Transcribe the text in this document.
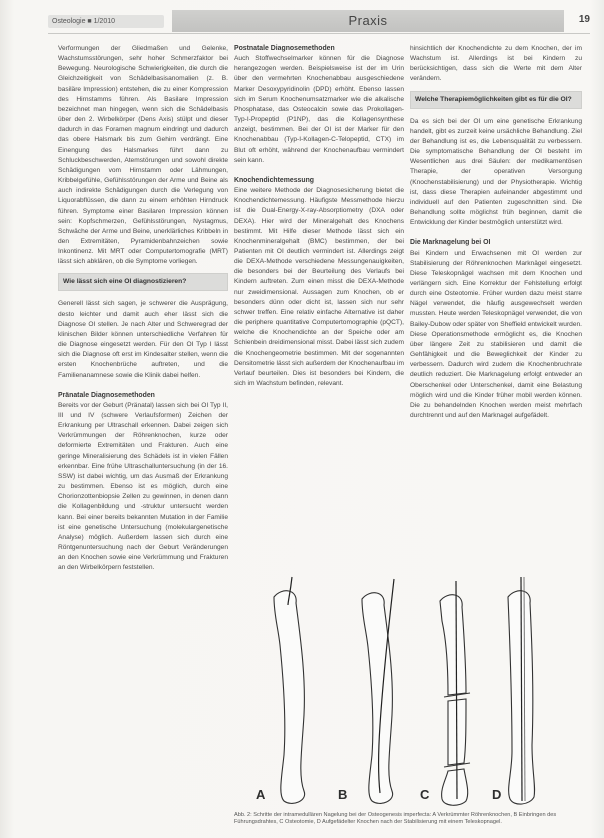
Osteologie ■ 1/2010	Praxis	19

Verformungen der Gliedmaßen und Gelenke, Wachstumsstörungen, sehr hoher Schmerzfaktor bei Bewegung. Neurologische Schwierigkeiten, die durch die Gleichzeitigkeit von Schädelbasisanomalien (z. B. basiläre Impression) entstehen, die zu einer Kompression des Hirnstamms führen. Als Basilare Impression bezeichnet man hingegen, wenn sich die Schädelbasis über den 2. Wirbelkörper (Dens Axis) stülpt und dieser dadurch in das Foramen magnum eindringt und dadurch das obere Halsmark bis zum Gehirn verdrängt. Eine Einengung des Halsmarkes führt dann zu Schluckbeschwerden, Atemstörungen und sowohl direkte Schädigungen vom Hirnstamm oder Lähmungen, Kribbelgefühle, Gefühlsstörungen der Arme und Beine als auch indirekte Schädigungen durch die Verlegung von Liquorabflüssen, die dann zu einem erhöhten Hirndruck führen. Symptome einer Basilaren Impression können sein: Kopfschmerzen, Gefühlsstörungen, Nystagmus, Schwäche der Arme und Beine, unerklärliches Kribbeln in den Extremitäten, Pyramidenbahnzeichen sowie Inkontinenz. Mit MRT oder Computertomografie (MRT) lässt sich abklären, ob die Symptome vorliegen.

Wie lässt sich eine OI diagnostizieren?

Generell lässt sich sagen, je schwerer die Ausprägung, desto leichter und damit auch eher lässt sich die Diagnose OI stellen. Je nach Alter und Schweregrad der klinischen Bilder können unterschiedliche Verfahren für die Diagnose eingesetzt werden. Für den OI Typ I lässt sich die Diagnose oft erst im Kindesalter stellen, wenn die ersten Knochenbrüche auftreten, und die Familienanamnese sowie die Klinik dabei helfen.

Pränatale Diagnosemethoden

Bereits vor der Geburt (Pränatal) lassen sich bei OI Typ II, III und IV (schwere Verlaufsformen) Zeichen der Erkrankung per Ultraschall erkennen. Dabei zeigen sich Verkrümmungen der Röhrenknochen, kurze oder deformierte Extremitäten und Frakturen. Auch eine geringe Mineralisierung des Schädels ist in vielen Fällen erkennbar. Eine frühe Ultraschalluntersuchung (in der 16. SSW) ist dabei wichtig, um das Ausmaß der Erkrankung zu bestimmen. Ebenso ist es möglich, durch eine Chorionzottenbiopsie Zellen zu gewinnen, in denen dann die Kollagenbildung und -struktur untersucht werden kann. Bei einer bereits bekannten Mutation in der Familie ist eine genetische Untersuchung (molekulargenetische Analyse) möglich. Außerdem lassen sich durch eine Röntgenuntersuchung nach der Geburt Veränderungen an den Knochen sowie eine Verkrümmung und Frakturen an den Wirbelkörpern feststellen.

Postnatale Diagnosemethoden

Auch Stoffwechselmarker können für die Diagnose herangezogen werden. Beispielsweise ist der im Urin über den vermehrten Knochenabbau ausgeschiedene Marker Desoxypyridinolin (DPD) erhöht. Ebenso lassen sich im Serum Knochenumsatzmarker wie die alkalische Phosphatase, das Osteocalcin sowie das Prokollagen-Typ-I-Propeptid (P1NP), das die Kollagensynthese anzeigt, bestimmen. Bei der OI ist der Marker für den Knochenabbau (Typ-I-Kollagen-C-Telopeptid, CTX) im Blut oft erhöht, während der Knochenaufbau vermindert sein kann.

Knochendichtemessung

Eine weitere Methode der Diagnosesicherung bietet die Knochendichtemessung. Häufigste Messmethode hierzu ist die Dual-Energy-X-ray-Absorptiometry (DXA oder DEXA). Hier wird der Mineralgehalt des Knochens bestimmt. Mit Hilfe dieser Methode lässt sich ein Knochenmineralgehalt (BMC) bestimmen, der bei Patienten mit OI deutlich vermindert ist. Allerdings zeigt die DEXA-Methode verschiedene Messungenauigkeiten, die besonders bei der Beurteilung des Verlaufs bei Kindern auftreten. Zum einen misst die DEXA-Methode nur zweidimensional. Aussagen zum Knochen, ob er besonders dünn oder dicht ist, lassen sich nur sehr schwer treffen. Eine relativ einfache Alternative ist daher die periphere quantitative Computertomographie (pQCT), welche die Knochendichte an der Speiche oder am Schienbein dreidimensional misst. Dabei lässt sich zudem die Knochengeometrie bestimmen. Mit der sogenannten Densitometrie lässt sich außerdem der Knochenaufbau im Verlauf beurteilen. Dies ist besonders bei Kindern, die sich im Wachstum befinden, relevant.

hinsichtlich der Knochendichte zu dem Knochen, der im Wachstum ist. Allerdings ist bei Kindern zu berücksichtigen, dass sich die Werte mit dem Alter verändern.

Welche Therapiemöglichkeiten gibt es für die OI?

Da es sich bei der OI um eine genetische Erkrankung handelt, gibt es zurzeit keine ursächliche Behandlung. Ziel der Behandlung ist es, die Lebensqualität zu verbessern. Die symptomatische Behandlung der OI besteht im Wesentlichen aus drei Säulen: der medikamentösen Therapie, der operativen Versorgung (Knochenstabilisierung) und der Physiotherapie. Wichtig ist, dass diese Therapien aufeinander abgestimmt und individuell auf den Patienten zugeschnitten sind. Die Behandlung sollte möglichst früh beginnen, damit die Entwicklung der Kinder bestmöglich unterstützt wird.

Die Marknagelung bei OI

Bei Kindern und Erwachsenen mit OI werden zur Stabilisierung der Röhrenknochen Marknägel eingesetzt. Diese Teleskopnägel wachsen mit dem Knochen und verlängern sich. Eine Korrektur der Fehlstellung erfolgt durch eine Osteotomie. Früher wurden dazu meist starre Nägel verwendet, die häufig ausgewechselt werden mussten. Heute werden Teleskopnägel verwendet, die von Bailey-Dubow oder später von Sheffield entwickelt wurden. Diese Operationsmethode ermöglicht es, die Knochen über längere Zeit zu stabilisieren und damit die Gehfähigkeit und die Beweglichkeit der Kinder zu verbessern. Dadurch wird zudem die Knochenbruchrate deutlich reduziert. Die Marknagelung erfolgt entweder an Oberschenkel oder Unterschenkel, damit eine Belastung möglich wird und die Kinder früher mobil werden können. Die zu behandelnden Knochen werden meist mehrfach durchtrennt und auf den Marknagel aufgefädelt.

A	B	C	D
Abb. 2: Schritte der intramedullären Nagelung bei der Osteogenesis imperfecta: A Verkrümmter Röhrenknochen, B Einbringen des Führungsdrahtes, C Osteotomie, D Aufgefädelter Knochen nach der Stabilisierung mit einem Teleskopnagel.
